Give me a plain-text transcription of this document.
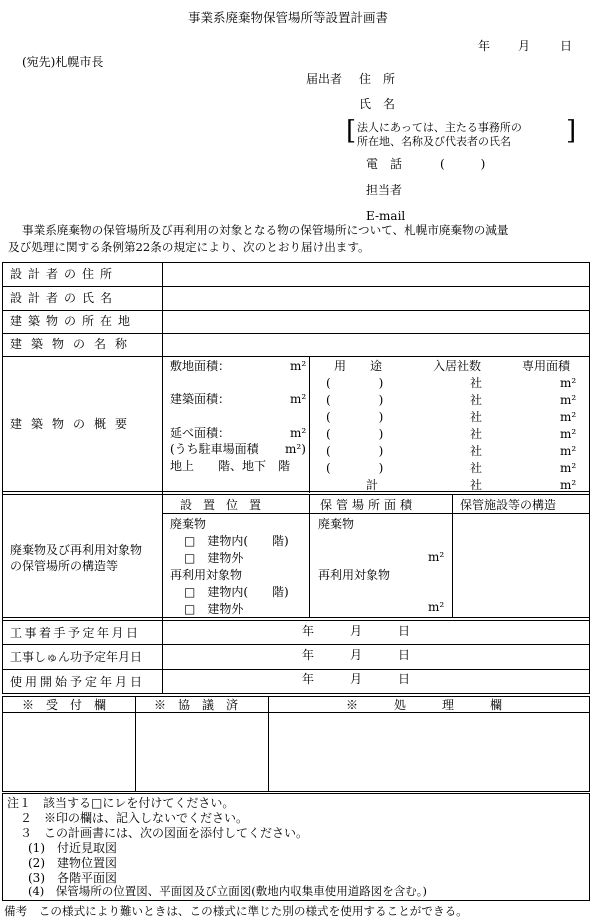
事業系廃棄物保管場所等設置計画書
年 月 日
(宛先)札幌市長
届出者 住　所
氏　名
[ 法人にあっては、主たる事務所の
所在地、名称及び代表者の氏名 ]
電　話	(　　　)
担当者
E-mail
事業系廃棄物の保管場所及び再利用の対象となる物の保管場所について、札幌市廃棄物の減量
及び処理に関する条例第22条の規定により、次のとおり届け出ます。
設計者の住所
設計者の氏名
建築物の所在地
建築物の名称
建築物の概要
敷地面積：	m²
建築面積：	m²
延べ面積：	m²
(うち駐車場面積 m²)
地上　　階、地下　階
用　　途	入居社数	専用面積
(　　　　)	社	m²
(　　　　)	社	m²
(　　　　)	社	m²
(　　　　)	社	m²
(　　　　)	社	m²
(　　　　)	社	m²
計	社	m²
廃棄物及び再利用対象物
の保管場所の構造等
設置位置	保管場所面積	保管施設等の構造
廃棄物
□　建物内(　　階)
□　建物外
再利用対象物
□　建物内(　　階)
□　建物外
廃棄物
m²
再利用対象物
m²
工事着手予定年月日	年　　月　　日
工事しゅん功予定年月日	年　　月　　日
使用開始予定年月日	年　　月　　日
※　受　付　欄	※　協　議　済	※　　　処　　　理　　　欄
注１　該当する□にレを付けてください。
２　※印の欄は、記入しないでください。
３　この計画書には、次の図面を添付してください。
(1)　付近見取図
(2)　建物位置図
(3)　各階平面図
(4)　保管場所の位置図、平面図及び立面図(敷地内収集車使用道路図を含む。)
備考　この様式により難いときは、この様式に準じた別の様式を使用することができる。
